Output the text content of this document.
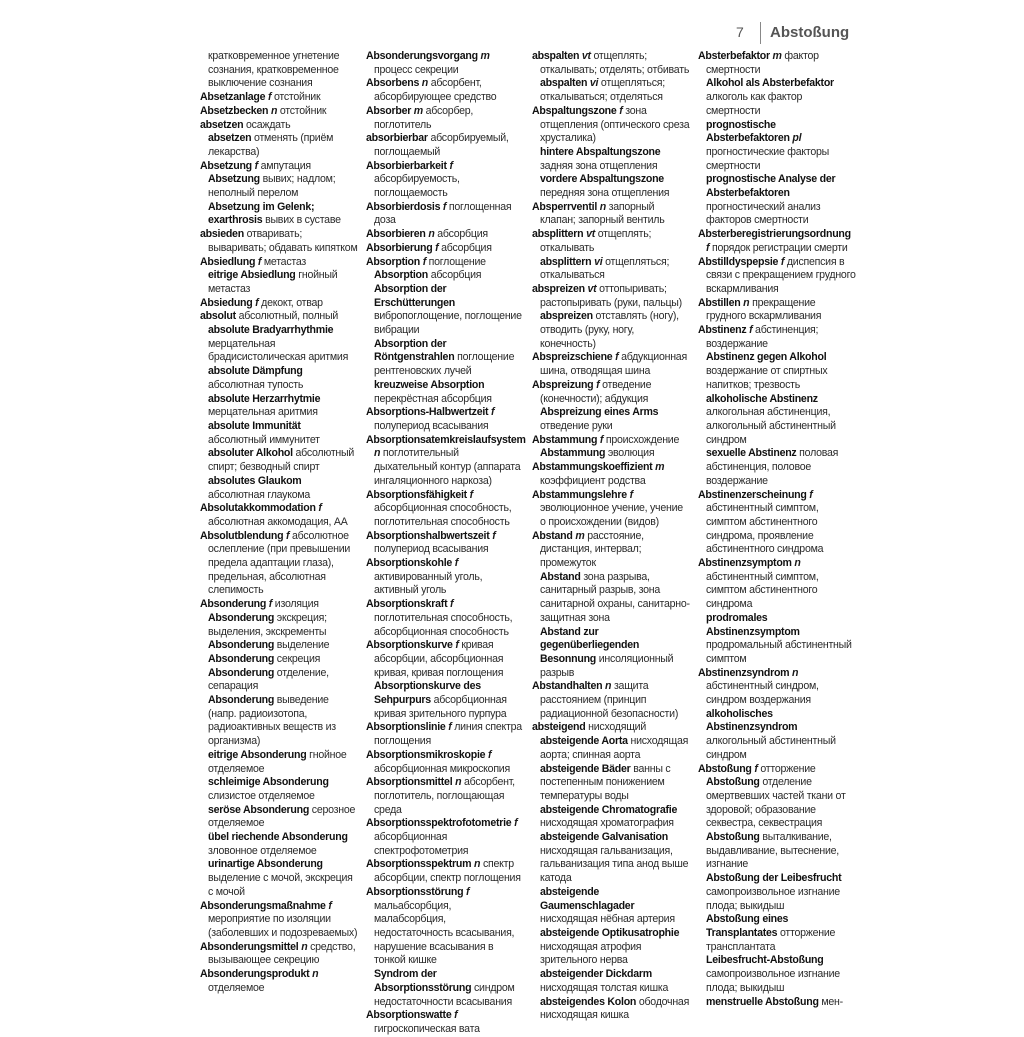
7 Abstoßung

кратковременное угнетение сознания, кратковременное выключение сознания

Absetzanlage f отстойник

Absetzbecken n отстойник

absetzen осаждать

absetzen отменять (приём лекарства)

Absetzung f ампутация

Absetzung вывих; надлом; неполный перелом

Absetzung im Gelenk; exarthrosis вывих в суставе

absieden отваривать; вываривать; обдавать кипятком

Absiedlung f метастаз

eitrige Absiedlung гнойный метастаз

Absiedung f декокт, отвар

absolut абсолютный, полный

absolute Bradyarrhythmie мерцательная брадисистолическая аритмия

absolute Dämpfung абсолютная тупость

absolute Herzarrhytmie мерцательная аритмия

absolute Immunität абсолютный иммунитет

absoluter Alkohol абсолютный спирт; безводный спирт

absolutes Glaukom абсолютная глаукома

Absolutakkommodation f абсолютная аккомодация, AA

Absolutblendung f абсолютное ослепление (при превышении предела адаптации глаза), предельная, абсолютная слепимость

Absonderung f изоляция

Absonderung экскреция; выделения, экскременты

Absonderung выделение

Absonderung секреция

Absonderung отделение, сепарация

Absonderung выведение (напр. радиоизотопа, радиоактивных веществ из организма)

eitrige Absonderung гнойное отделяемое

schleimige Absonderung слизистое отделяемое

seröse Absonderung серозное отделяемое

übel riechende Absonderung зловонное отделяемое

urinartige Absonderung выделение с мочой, экскреция с мочой

Absonderungsmaßnahme f мероприятие по изоляции (заболевших и подозреваемых)

Absonderungsmittel n средство, вызывающее секрецию

Absonderungsprodukt n отделяемое

Absonderungsvorgang m процесс секреции

Absorbens n абсорбент, абсорбирующее средство

Absorber m абсорбер, поглотитель

absorbierbar абсорбируемый, поглощаемый

Absorbierbarkeit f абсорбируемость, поглощаемость

Absorbierdosis f поглощенная доза

Absorbieren n абсорбция

Absorbierung f абсорбция

Absorption f поглощение

Absorption абсорбция

Absorption der Erschütterungen вибропоглощение, поглощение вибрации

Absorption der Röntgenstrahlen поглощение рентгеновских лучей

kreuzweise Absorption перекрёстная абсорбция

Absorptions-Halbwertzeit f полупериод всасывания

Absorptionsatemkreislaufsystem n поглотительный дыхательный контур (аппарата ингаляционного наркоза)

Absorptionsfähigkeit f абсорбционная способность, поглотительная способность

Absorptionshalbwertszeit f полупериод всасывания

Absorptionskohle f активированный уголь, активный уголь

Absorptionskraft f поглотительная способность, абсорбционная способность

Absorptionskurve f кривая абсорбции, абсорбционная кривая, кривая поглощения

Absorptionskurve des Sehpurpurs абсорбционная кривая зрительного пурпура

Absorptionslinie f линия спектра поглощения

Absorptionsmikroskopie f абсорбционная микроскопия

Absorptionsmittel n абсорбент, поглотитель, поглощающая среда

Absorptionsspektrofotometrie f абсорбционная спектрофотометрия

Absorptionsspektrum n спектр абсорбции, спектр поглощения

Absorptionsstörung f мальабсорбция, малабсорбция, недостаточность всасывания, нарушение всасывания в тонкой кишке

Syndrom der Absorptionsstörung синдром недостаточности всасывания

Absorptionswatte f гигроскопическая вата

abspalten vt отщеплять; откалывать; отделять; отбивать

abspalten vi отщепляться; откалываться; отделяться

Abspaltungszone f зона отщепления (оптического среза хрусталика)

hintere Abspaltungszone задняя зона отщепления

vordere Abspaltungszone передняя зона отщепления

Absperrventil n запорный клапан; запорный вентиль

absplittern vt отщеплять; откалывать

absplittern vi отщепляться; откалываться

abspreizen vt оттопыривать; растопыривать (руки, пальцы)

abspreizen отставлять (ногу), отводить (руку, ногу, конечность)

Abspreizschiene f абдукционная шина, отводящая шина

Abspreizung f отведение (конечности); абдукция

Abspreizung eines Arms отведение руки

Abstammung f происхождение

Abstammung эволюция

Abstammungskoeffizient m коэффициент родства

Abstammungslehre f эволюционное учение, учение о происхождении (видов)

Abstand m расстояние, дистанция, интервал; промежуток

Abstand зона разрыва, санитарный разрыв, зона санитарной охраны, санитарно-защитная зона

Abstand zur gegenüberliegenden Besonnung инсоляционный разрыв

Abstandhalten n защита расстоянием (принцип радиационной безопасности)

absteigend нисходящий

absteigende Aorta нисходящая аорта; спинная аорта

absteigende Bäder ванны с постепенным понижением температуры воды

absteigende Chromatografie нисходящая хроматография

absteigende Galvanisation нисходящая гальванизация, гальванизация типа анод выше катода

absteigende Gaumenschlagader нисходящая нёбная артерия

absteigende Optikusatrophie нисходящая атрофия зрительного нерва

absteigender Dickdarm нисходящая толстая кишка

absteigendes Kolon ободочная нисходящая кишка

Absterbefaktor m фактор смертности

Alkohol als Absterbefaktor алкоголь как фактор смертности

prognostische Absterbefaktoren pl прогностические факторы смертности

prognostische Analyse der Absterbefaktoren прогностический анализ факторов смертности

Absterberegistrierungsordnung f порядок регистрации смерти

Abstilldyspepsie f диспепсия в связи с прекращением грудного вскармливания

Abstillen n прекращение грудного вскармливания

Abstinenz f абстиненция; воздержание

Abstinenz gegen Alkohol воздержание от спиртных напитков; трезвость

alkoholische Abstinenz алкогольная абстиненция, алкогольный абстинентный синдром

sexuelle Abstinenz половая абстиненция, половое воздержание

Abstinenzerscheinung f абстинентный симптом, симптом абстинентного синдрома, проявление абстинентного синдрома

Abstinenzsymptom n абстинентный симптом, симптом абстинентного синдрома

prodromales Abstinenzsymptom продромальный абстинентный симптом

Abstinenzsyndrom n абстинентный синдром, синдром воздержания

alkoholisches Abstinenzsyndrom алкогольный абстинентный синдром

Abstoßung f отторжение

Abstoßung отделение омертвевших частей ткани от здоровой; образование секвестра, секвестрация

Abstoßung выталкивание, выдавливание, вытеснение, изгнание

Abstoßung der Leibesfrucht самопроизвольное изгнание плода; выкидыш

Abstoßung eines Transplantates отторжение трансплантата

Leibesfrucht-Abstoßung самопроизвольное изгнание плода; выкидыш

menstruelle Abstoßung мен-
